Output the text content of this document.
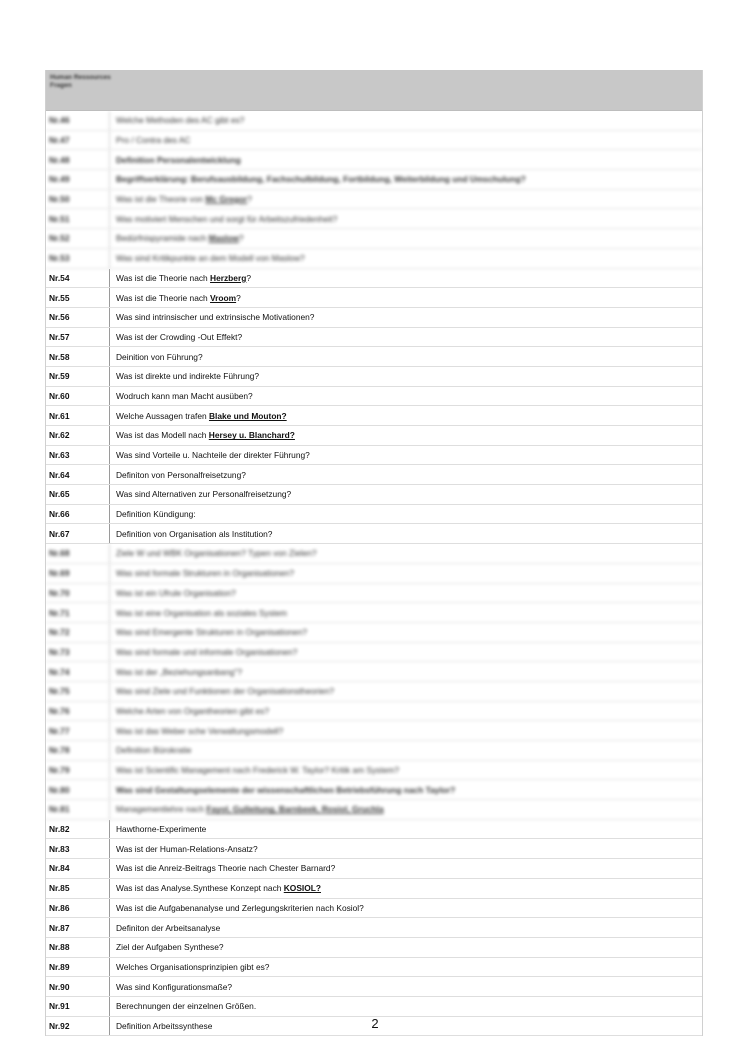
Human Ressources Fragen
Nr.46	Welche Methoden des AC gibt es?
Nr.47	Pro / Contra des AC
Nr.48	Definition Personalentwicklung
Nr.49	Begriffserklärung: Berufsausbildung, Fachschulbildung, Fortbildung, Weiterbildung und Umschulung?
Nr.50	Was ist die Theorie von Mc Gregor?
Nr.51	Was motiviert Menschen und sorgt für Arbeitszufriedenheit?
Nr.52	Bedürfnispyramide nach Maslow?
Nr.53	Was sind Kritikpunkte an dem Modell von Maslow?
Nr.54	Was ist die Theorie nach Herzberg?
Nr.55	Was ist die Theorie nach Vroom?
Nr.56	Was sind intrinsischer und extrinsische Motivationen?
Nr.57	Was ist der Crowding -Out Effekt?
Nr.58	Deinition von Führung?
Nr.59	Was ist direkte und indirekte Führung?
Nr.60	Wodruch kann man Macht ausüben?
Nr.61	Welche Aussagen trafen Blake und Mouton?
Nr.62	Was ist das Modell nach Hersey u. Blanchard?
Nr.63	Was sind Vorteile u. Nachteile der direkter Führung?
Nr.64	Definiton von Personalfreisetzung?
Nr.65	Was sind Alternativen zur Personalfreisetzung?
Nr.66	Definition Kündigung:
Nr.67	Definition von Organisation als Institution?
Nr.68	Ziele W und WBK Organisationen? Typen von Zielen?
Nr.69	Was sind formale Strukturen in Organisationen?
Nr.70	Was ist ein Ufrule Organisation?
Nr.71	Was ist eine Organisation als soziales System
Nr.72	Was sind Emergente Strukturen in Organisationen?
Nr.73	Was sind formale und informale Organisationen?
Nr.74	Was ist der „Beziehungsanbang"?
Nr.75	Was sind Ziele und Funktionen der Organisationstheorien?
Nr.76	Welche Arten von Organtheorien gibt es?
Nr.77	Was ist das Weber sche Verwaltungsmodell?
Nr.78	Definition Bürokratie
Nr.79	Was ist Scientific Management nach Frederick W. Taylor? Kritik am System?
Nr.80	Was sind Gestaltungselemente der wissenschaftlichen Betriebsführung nach Taylor?
Nr.81	Managementlehre nach Fayol, Gulleitung, Barnbeek, Rosiol, Gruchla
Nr.82	Hawthorne-Experimente
Nr.83	Was ist der Human-Relations-Ansatz?
Nr.84	Was ist die Anreiz-Beitrags Theorie nach Chester Barnard?
Nr.85	Was ist das Analyse.Synthese Konzept nach KOSIOL?
Nr.86	Was ist die Aufgabenanalyse und Zerlegungskriterien nach Kosiol?
Nr.87	Definiton der Arbeitsanalyse
Nr.88	Ziel der Aufgaben Synthese?
Nr.89	Welches Organisationsprinzipien gibt es?
Nr.90	Was sind Konfigurationsmaße?
Nr.91	Berechnungen der einzelnen Größen.
Nr.92	Definition Arbeitssynthese	2
